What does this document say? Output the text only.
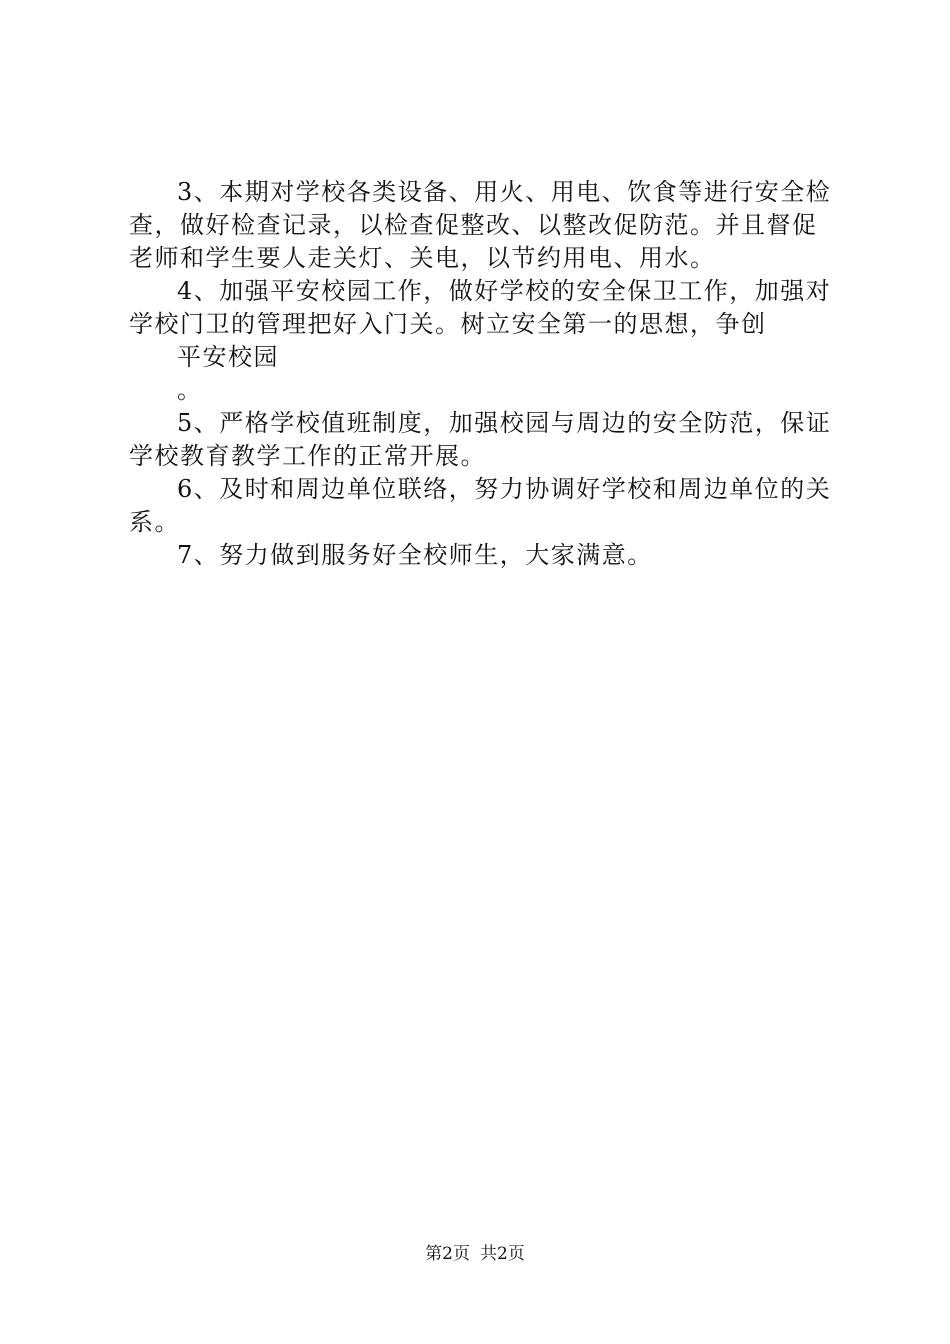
3、本期对学校各类设备、用火、用电、饮食等进行安全检
查，做好检查记录，以检查促整改、以整改促防范。并且督促
老师和学生要人走关灯、关电，以节约用电、用水。
4、加强平安校园工作，做好学校的安全保卫工作，加强对
学校门卫的管理把好入门关。树立安全第一的思想，争创
平安校园
。
5、严格学校值班制度，加强校园与周边的安全防范，保证
学校教育教学工作的正常开展。
6、及时和周边单位联络，努力协调好学校和周边单位的关
系。
7、努力做到服务好全校师生，大家满意。
第2页 共2页
